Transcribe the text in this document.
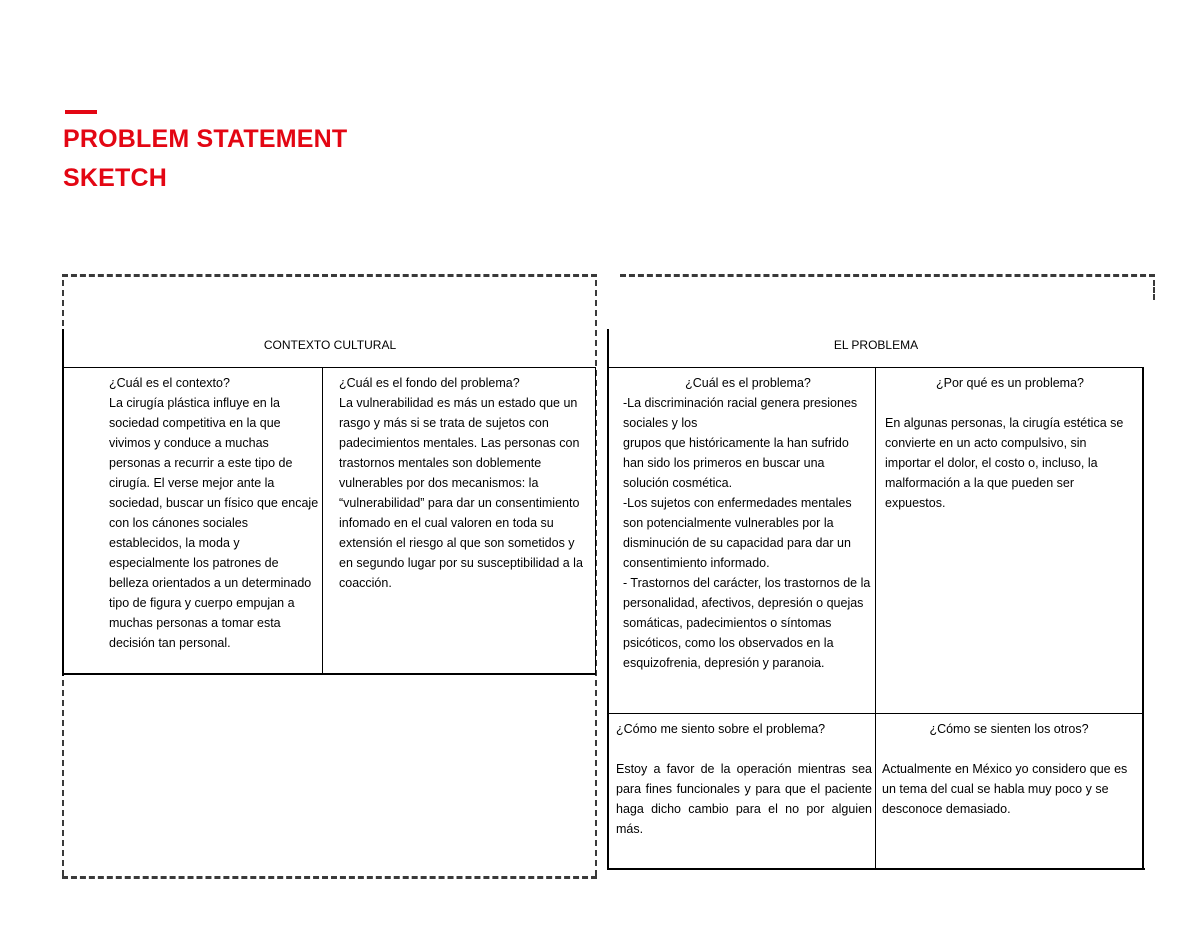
PROBLEM STATEMENT
SKETCH
CONTEXTO CULTURAL
¿Cuál es el contexto?

La cirugía plástica influye en la sociedad competitiva en la que vivimos y conduce a muchas personas a recurrir a este tipo de cirugía. El verse mejor ante la sociedad, buscar un físico que encaje con los cánones sociales establecidos, la moda y especialmente los patrones de belleza orientados a un determinado tipo de figura y cuerpo empujan a muchas personas a tomar esta decisión tan personal.

¿Cuál es el fondo del problema?

La vulnerabilidad es más un estado que un rasgo y más si se trata de sujetos con padecimientos mentales. Las personas con trastornos mentales son doblemente vulnerables por dos mecanismos: la “vulnerabilidad” para dar un consentimiento infomado en el cual valoren en toda su extensión el riesgo al que son sometidos y en segundo lugar por su susceptibilidad a la coacción.

EL PROBLEMA
¿Cuál es el problema?

-La discriminación racial genera presiones sociales y los

grupos que históricamente la han sufrido han sido los primeros en buscar una solución cosmética.

-Los sujetos con enfermedades mentales son potencialmente vulnerables por la

disminución de su capacidad para dar un consentimiento informado.

- Trastornos del carácter, los trastornos de la personalidad, afectivos, depresión o quejas somáticas, padecimientos o síntomas psicóticos, como los observados en la esquizofrenia, depresión y paranoia.

¿Por qué es un problema?

En algunas personas, la cirugía estética se convierte en un acto compulsivo, sin importar el dolor, el costo o, incluso, la malformación a la que pueden ser expuestos.

¿Cómo me siento sobre el problema?

Estoy a favor de la operación mientras sea para fines funcionales y para que el paciente haga dicho cambio para el no por alguien más.

¿Cómo se sienten los otros?

Actualmente en México yo considero que es un tema del cual se habla muy poco y se desconoce demasiado.
